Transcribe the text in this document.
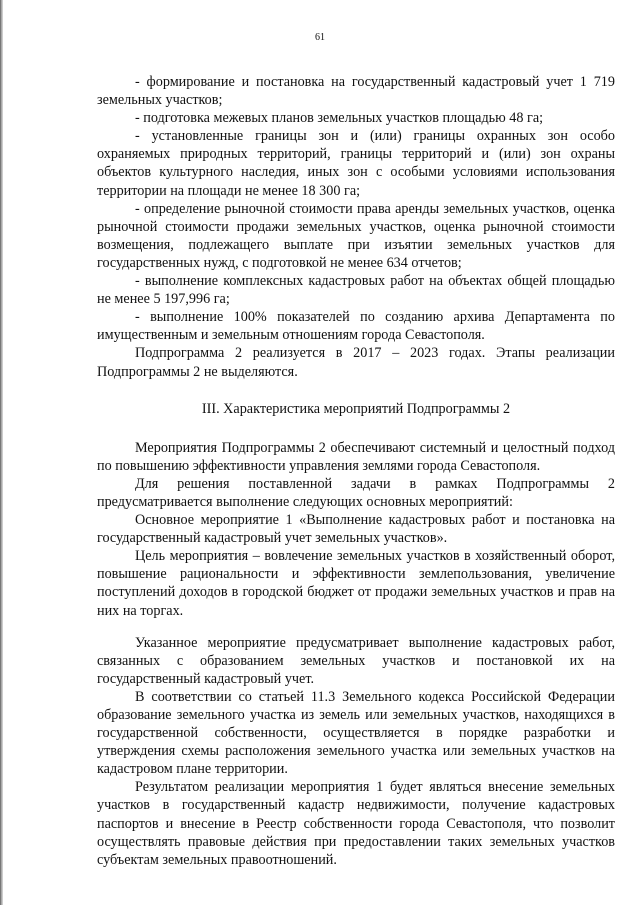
61

- формирование и постановка на государственный кадастровый учет 1 719 земельных участков;

- подготовка межевых планов земельных участков площадью 48 га;

- установленные границы зон и (или) границы охранных зон особо охраняемых природных территорий, границы территорий и (или) зон охраны объектов культурного наследия, иных зон с особыми условиями использования территории на площади не менее 18 300 га;

- определение рыночной стоимости права аренды земельных участков, оценка рыночной стоимости продажи земельных участков, оценка рыночной стоимости возмещения, подлежащего выплате при изъятии земельных участков для государственных нужд, с подготовкой не менее 634 отчетов;

- выполнение комплексных кадастровых работ на объектах общей площадью не менее 5 197,996 га;

- выполнение 100% показателей по созданию архива Департамента по имущественным и земельным отношениям города Севастополя.

Подпрограмма 2 реализуется в 2017 – 2023 годах. Этапы реализации Подпрограммы 2 не выделяются.

III. Характеристика мероприятий Подпрограммы 2

Мероприятия Подпрограммы 2 обеспечивают системный и целостный подход по повышению эффективности управления землями города Севастополя.

Для решения поставленной задачи в рамках Подпрограммы 2 предусматривается выполнение следующих основных мероприятий:

Основное мероприятие 1 «Выполнение кадастровых работ и постановка на государственный кадастровый учет земельных участков».

Цель мероприятия – вовлечение земельных участков в хозяйственный оборот, повышение рациональности и эффективности землепользования, увеличение поступлений доходов в городской бюджет от продажи земельных участков и прав на них на торгах.

Указанное мероприятие предусматривает выполнение кадастровых работ, связанных с образованием земельных участков и постановкой их на государственный кадастровый учет.

В соответствии со статьей 11.3 Земельного кодекса Российской Федерации образование земельного участка из земель или земельных участков, находящихся в государственной собственности, осуществляется в порядке разработки и утверждения схемы расположения земельного участка или земельных участков на кадастровом плане территории.

Результатом реализации мероприятия 1 будет являться внесение земельных участков в государственный кадастр недвижимости, получение кадастровых паспортов и внесение в Реестр собственности города Севастополя, что позволит осуществлять правовые действия при предоставлении таких земельных участков субъектам земельных правоотношений.
